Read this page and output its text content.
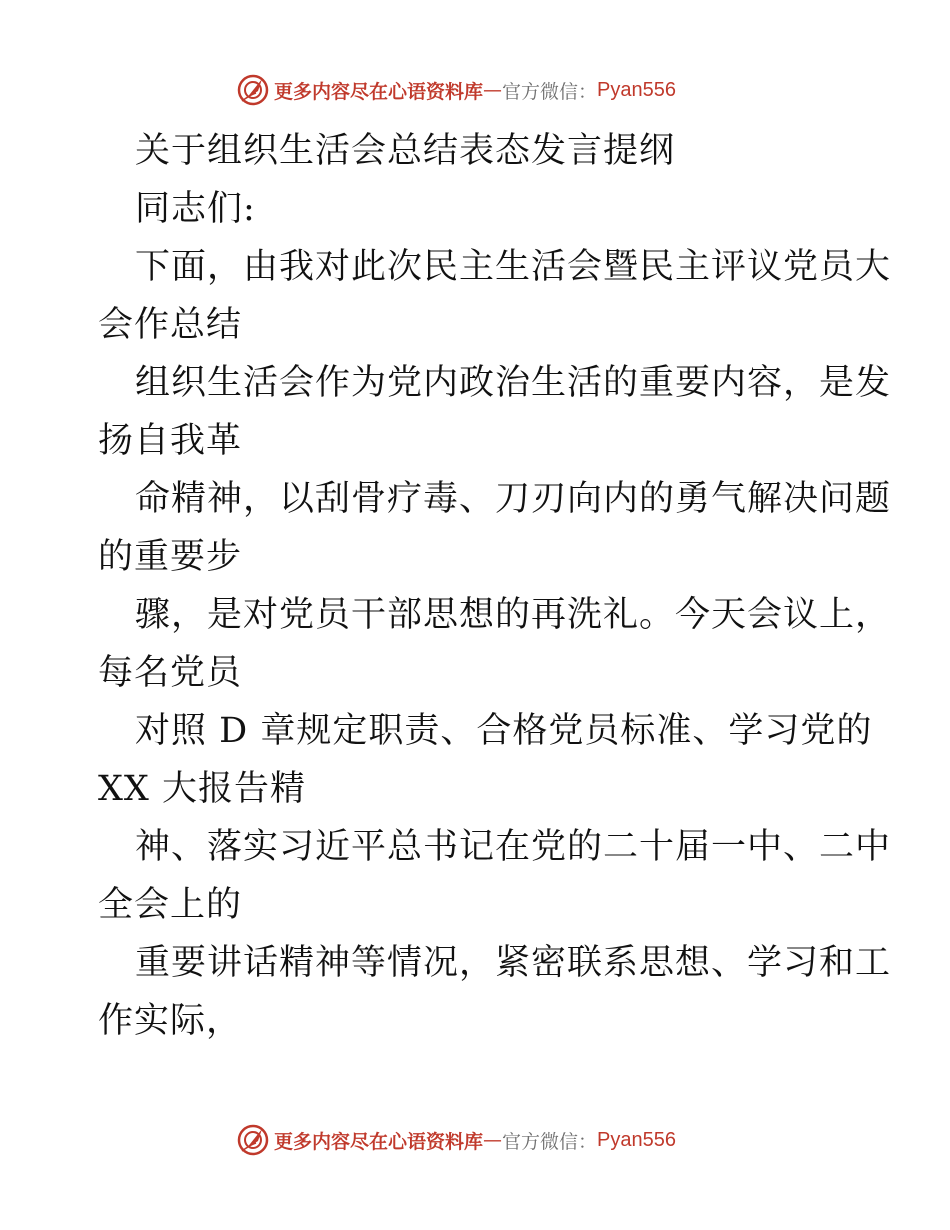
更多内容尽在心语资料库 — 官方微信： Pyan556
关于组织生活会总结表态发言提纲
同志们:
下面，由我对此次民主生活会暨民主评议党员大
会作总结
组织生活会作为党内政治生活的重要内容，是发
扬自我革
命精神，以刮骨疗毒、刀刃向内的勇气解决问题
的重要步
骤，是对党员干部思想的再洗礼。今天会议上，
每名党员
对照 D 章规定职责、合格党员标准、学习党的
XX 大报告精
神、落实习近平总书记在党的二十届一中、二中
全会上的
重要讲话精神等情况，紧密联系思想、学习和工
作实际，
更多内容尽在心语资料库 — 官方微信： Pyan556
